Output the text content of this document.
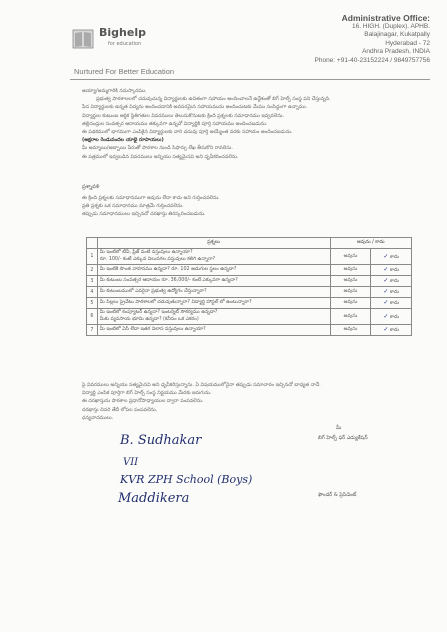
Bighelp
for education
Nurtured For Better Education
Administrative Office:
16. HIGH. (Duplex). APHB.
Balajinagar, Kukatpally
Hyderabad - 72
Andhra Pradesh, INDIA
Phone: +91-40-23152224 / 9849757756
అయ్యా/అమ్మగారికి నమస్కారము.
ప్రభుత్వ పాఠశాలలలో చదువుచున్న విద్యార్థులకు ఉచితంగా సహాయం అందించాలనే ఉద్దేశంతో బిగ్ హెల్ప్ సంస్థ పని చేస్తున్నది.
పేద విద్యార్థులకు ఉన్నత విద్యను అందించడానికి అవసరమైన సహాయమును అందించుటకు మేము సంసిద్ధంగా ఉన్నాము.
విద్యార్థుల కుటుంబ ఆర్థిక స్థితిగతుల వివరములు తెలుసుకొనుటకు క్రింది ప్రశ్నలకు సమాధానము ఇవ్వవలెను.
తల్లిదండ్రుల సంవత్సర ఆదాయము తక్కువగా ఉన్నచో విద్యార్థికి పూర్తి సహాయము అందించబడును.
ఈ పథకములో భాగముగా ఎంపికైన విద్యార్థులకు వారి చదువు పూర్తి అయ్యేంత వరకు సహాయం అందించబడును.
(అక్షరాల రెండువందల యాభై రూపాయలు)
మీ అమ్మాయి/అబ్బాయి పేరుతో పాఠశాల నుండి సిఫార్సు లేఖ తీసుకొని రావలెను.
ఈ పత్రములో ఇవ్వబడిన వివరములు అన్నియు సత్యమైనవి అని ధృవీకరించవలెను.
ప్రశ్నావళి
ఈ క్రింది ప్రశ్నలకు సమాధానముగా అవును లేదా కాదు అని గుర్తించవలెను.
ప్రతి ప్రశ్నకు ఒక సమాధానము మాత్రమే గుర్తించవలెను.
తప్పుడు సమాధానములు ఇచ్చినచో దరఖాస్తు తిరస్కరించబడును.
	ప్రశ్నలు	అవును / కాదు	
1	మీ ఇంటిలో టీవీ, ఫ్రిజ్ వంటి వస్తువులు ఉన్నాయా?
రూ. 100/- కంటే ఎక్కువ విలువగల వస్తువులు కలిగి ఉన్నారా?	అవును	✓ కాదు
2	మీ ఇంటికి సొంత వాహనము ఉన్నదా? రూ. 102 అడుగుల స్థలం ఉన్నదా?	అవును	✓ కాదు
3	మీ కుటుంబ సంవత్సర ఆదాయం రూ. 36,000/- కంటే ఎక్కువగా ఉన్నదా?	అవును	✓ కాదు
4	మీ కుటుంబములో ఎవరైనా ప్రభుత్వ ఉద్యోగం చేస్తున్నారా?	అవును	✓ కాదు
5	మీ పిల్లలు ప్రైవేటు పాఠశాలలో చదువుతున్నారా? విద్యార్థి హాస్టల్ లో ఉంటున్నారా?	అవును	✓ కాదు
6	మీ ఇంటిలో కంప్యూటర్ ఉన్నదా? ఇంటర్నెట్ సౌకర్యము ఉన్నదా?
మీకు వ్యవసాయ భూమి ఉన్నదా? (కనీసం ఒక ఎకరం)	అవును	✓ కాదు
7	మీ ఇంటిలో ఏసీ లేదా ఇతర విలాస వస్తువులు ఉన్నాయా?	అవును	✓ కాదు
పై వివరములు అన్నియు సత్యమైనవి అని ధృవీకరిస్తున్నాను. ఏ విషయములోనైనా తప్పుడు సమాచారం ఇచ్చినచో బాధ్యత నాదే.
విద్యార్థి ఎంపిక పూర్తిగా బిగ్ హెల్ప్ సంస్థ నిర్ణయము మేరకు జరుగును.
ఈ దరఖాస్తును పాఠశాల ప్రధానోపాధ్యాయుల ద్వారా పంపవలెను.
దరఖాస్తు చివరి తేదీ లోపల పంపవలెను.
ధన్యవాదములు.
B. Sudhakar
VII
KVR ZPH School (Boys)
Maddikera
మీ
బిగ్ హెల్ప్ ఫర్ ఎడ్యుకేషన్
ఫౌండర్ & ప్రెసిడెంట్
